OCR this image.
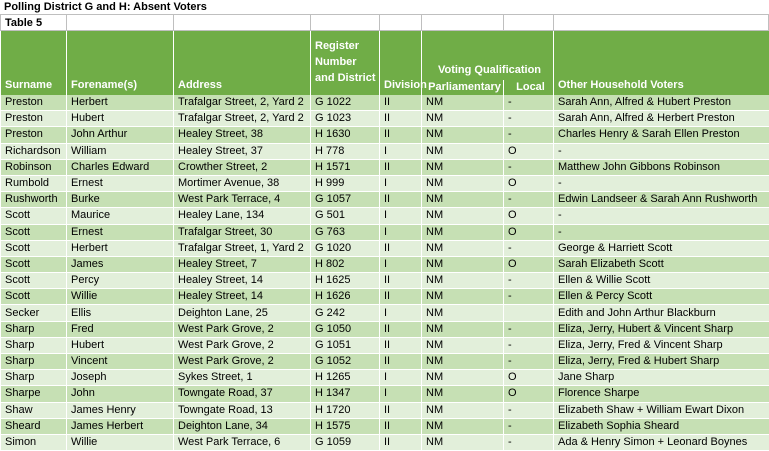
Polling District G and H: Absent Voters
Table 5							
Surname	Forename(s)	Address	Register Number and District	Division	Voting Qualification		Other Household Voters
					Parliamentary	Local	
Preston	Herbert	Trafalgar Street, 2, Yard 2	G 1022	II	NM	-	Sarah Ann, Alfred & Hubert Preston
Preston	Hubert	Trafalgar Street, 2, Yard 2	G 1023	II	NM	-	Sarah Ann, Alfred & Herbert Preston
Preston	John Arthur	Healey Street, 38	H 1630	II	NM	-	Charles Henry & Sarah Ellen Preston
Richardson	William	Healey Street, 37	H 778	I	NM	O	-
Robinson	Charles Edward	Crowther Street, 2	H 1571	II	NM	-	Matthew John Gibbons Robinson
Rumbold	Ernest	Mortimer Avenue, 38	H 999	I	NM	O	-
Rushworth	Burke	West Park Terrace, 4	G 1057	II	NM	-	Edwin Landseer & Sarah Ann Rushworth
Scott	Maurice	Healey Lane, 134	G 501	I	NM	O	-
Scott	Ernest	Trafalgar Street, 30	G 763	I	NM	O	-
Scott	Herbert	Trafalgar Street, 1, Yard 2	G 1020	II	NM	-	George & Harriett Scott
Scott	James	Healey Street, 7	H 802	I	NM	O	Sarah Elizabeth Scott
Scott	Percy	Healey Street, 14	H 1625	II	NM	-	Ellen & Willie Scott
Scott	Willie	Healey Street, 14	H 1626	II	NM	-	Ellen & Percy Scott
Secker	Ellis	Deighton Lane, 25	G 242	I	NM		Edith and John Arthur Blackburn
Sharp	Fred	West Park Grove, 2	G 1050	II	NM	-	Eliza, Jerry, Hubert & Vincent Sharp
Sharp	Hubert	West Park Grove, 2	G 1051	II	NM	-	Eliza, Jerry, Fred & Vincent Sharp
Sharp	Vincent	West Park Grove, 2	G 1052	II	NM	-	Eliza, Jerry, Fred & Hubert Sharp
Sharp	Joseph	Sykes Street, 1	H 1265	I	NM	O	Jane Sharp
Sharpe	John	Towngate Road, 37	H 1347	I	NM	O	Florence Sharpe
Shaw	James Henry	Towngate Road, 13	H 1720	II	NM	-	Elizabeth Shaw + William Ewart Dixon
Sheard	James Herbert	Deighton Lane, 34	H 1575	II	NM	-	Elizabeth Sophia Sheard
Simon	Willie	West Park Terrace, 6	G 1059	II	NM	-	Ada & Henry Simon + Leonard Boynes
